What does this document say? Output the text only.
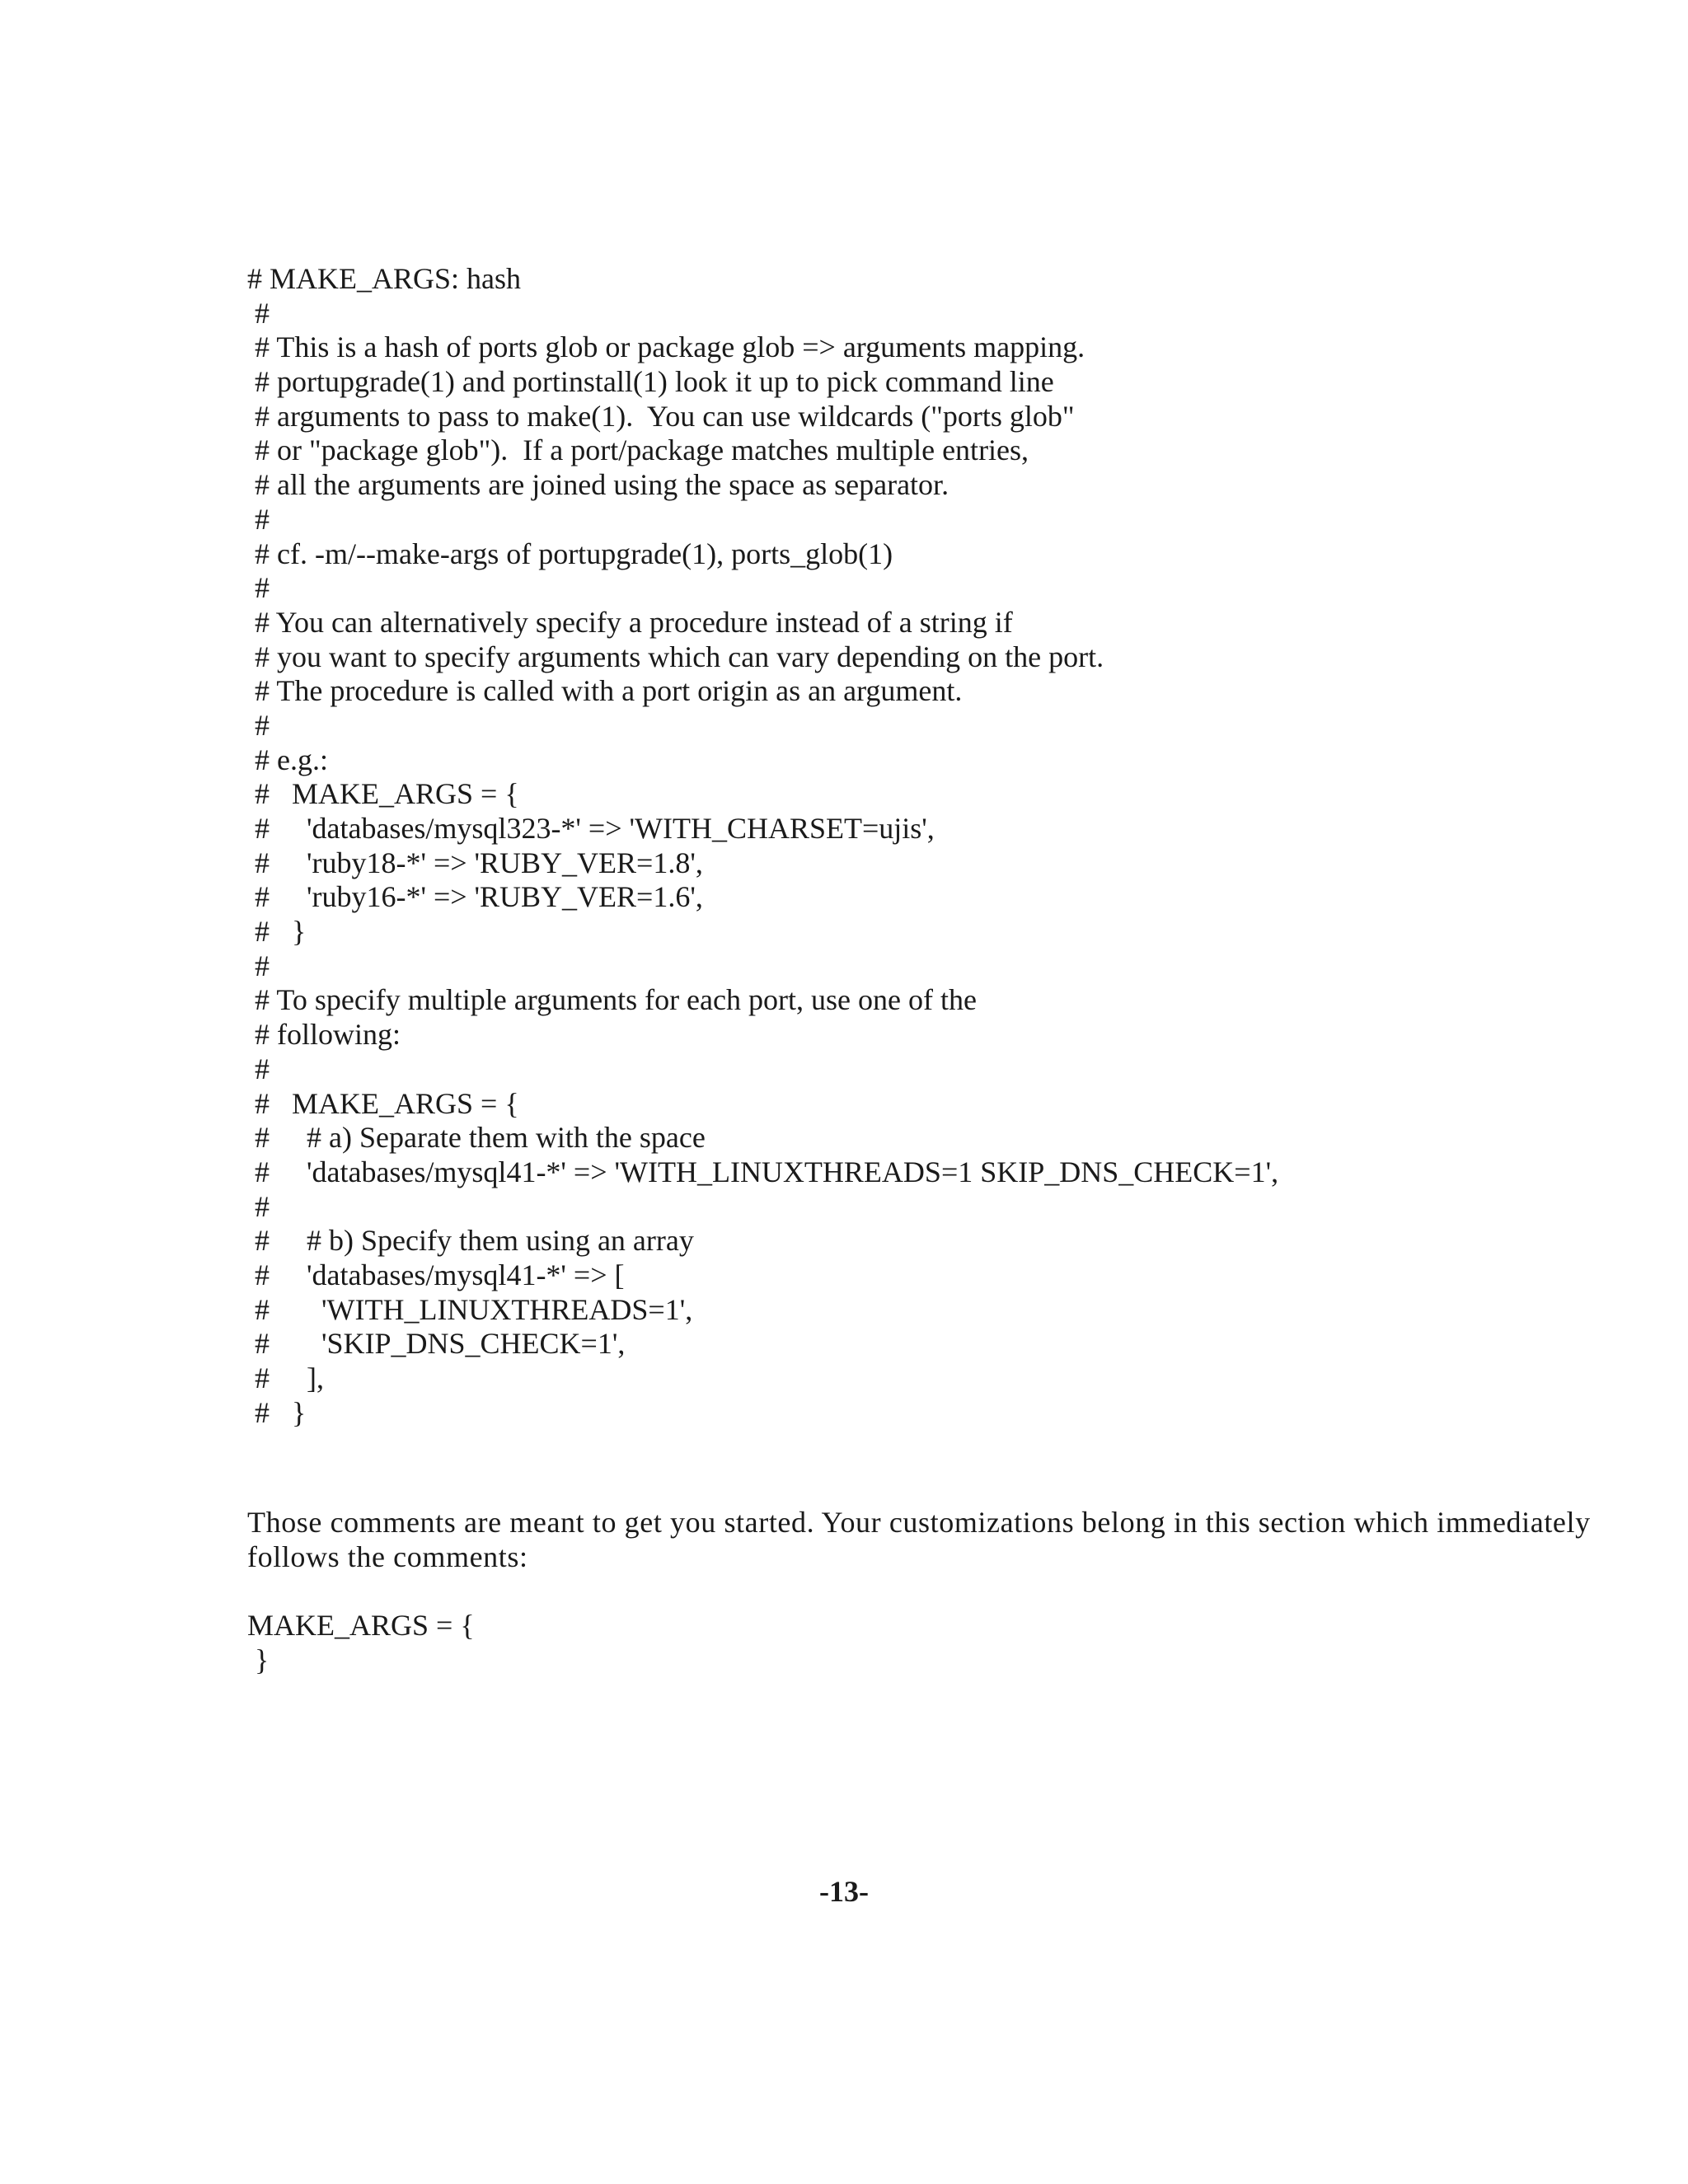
# MAKE_ARGS: hash
#
# This is a hash of ports glob or package glob => arguments mapping.
# portupgrade(1) and portinstall(1) look it up to pick command line
# arguments to pass to make(1).  You can use wildcards ("ports glob"
# or "package glob").  If a port/package matches multiple entries,
# all the arguments are joined using the space as separator.
#
# cf. -m/--make-args of portupgrade(1), ports_glob(1)
#
# You can alternatively specify a procedure instead of a string if
# you want to specify arguments which can vary depending on the port.
# The procedure is called with a port origin as an argument.
#
# e.g.:
#   MAKE_ARGS = {
#     'databases/mysql323-*' => 'WITH_CHARSET=ujis',
#     'ruby18-*' => 'RUBY_VER=1.8',
#     'ruby16-*' => 'RUBY_VER=1.6',
#   }
#
# To specify multiple arguments for each port, use one of the
# following:
#
#   MAKE_ARGS = {
#     # a) Separate them with the space
#     'databases/mysql41-*' => 'WITH_LINUXTHREADS=1 SKIP_DNS_CHECK=1',
#
#     # b) Specify them using an array
#     'databases/mysql41-*' => [
#       'WITH_LINUXTHREADS=1',
#       'SKIP_DNS_CHECK=1',
#     ],
#   }

Those comments are meant to get you started. Your customizations belong in this section which immediately follows the comments:

MAKE_ARGS = {
}
-13-
